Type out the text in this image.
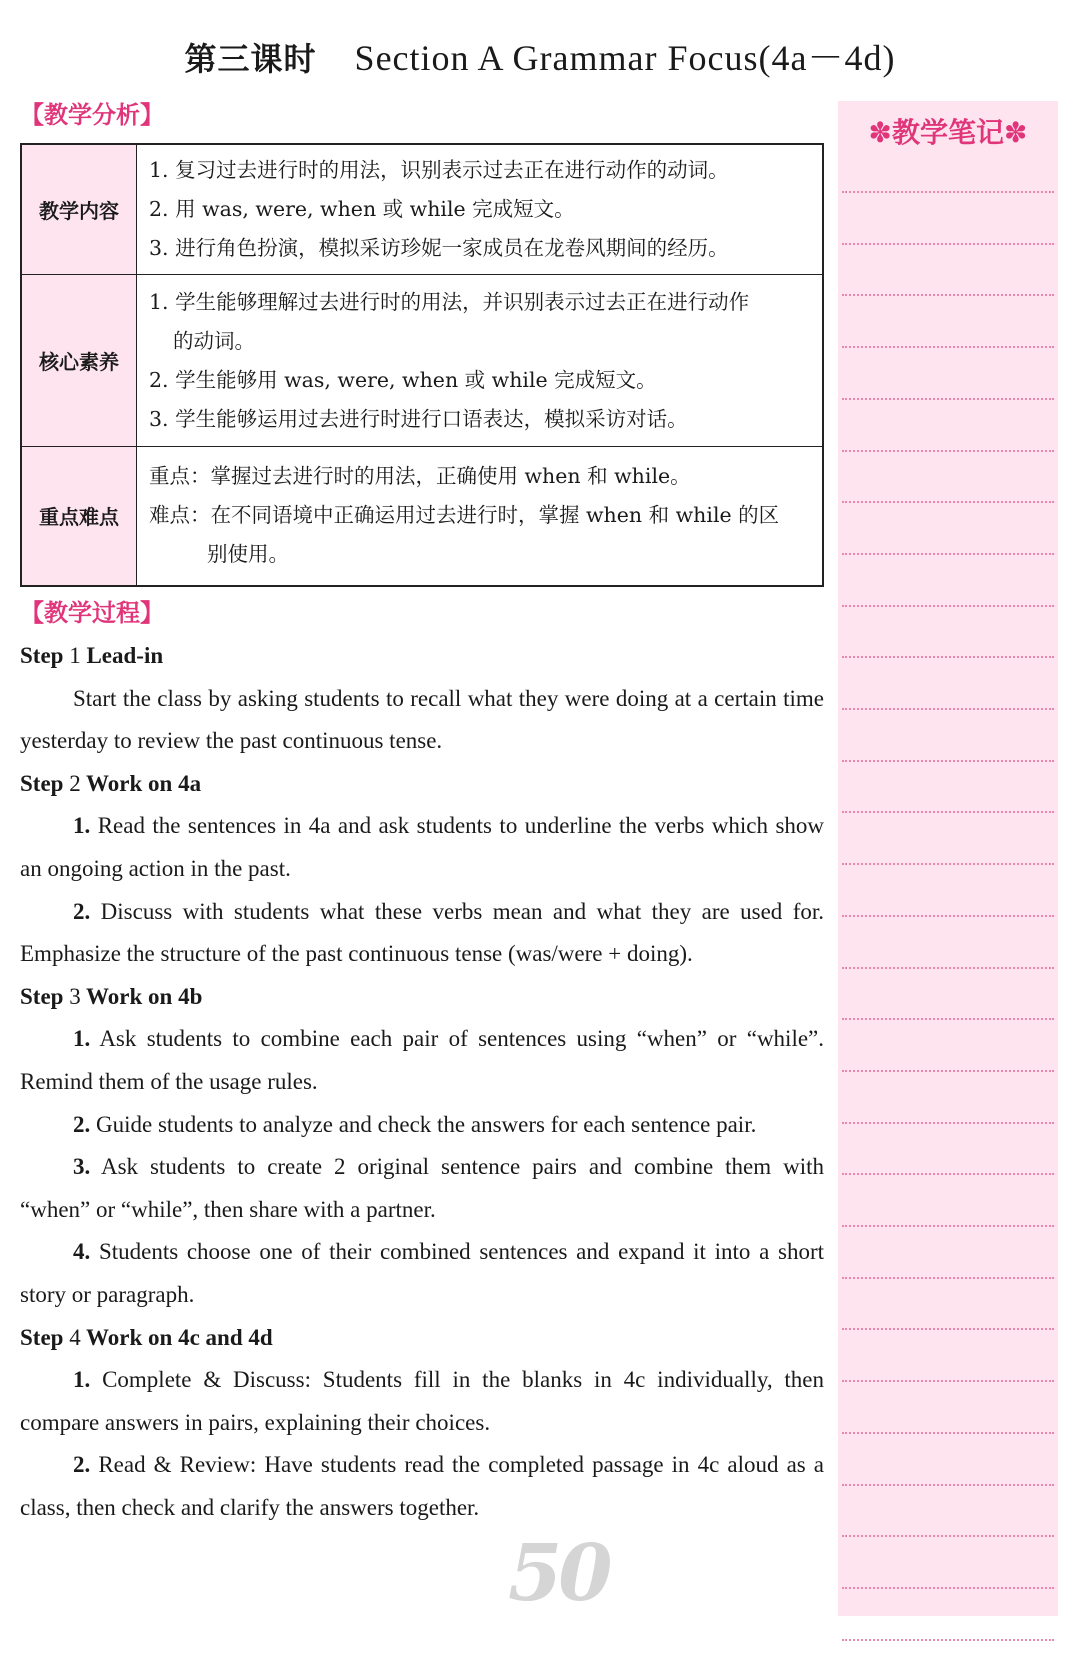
第三课时 Section A Grammar Focus(4a－4d)
【教学分析】
教学内容	1. 复习过去进行时的用法，识别表示过去正在进行动作的动词。
2. 用 was, were, when 或 while 完成短文。
3. 进行角色扮演，模拟采访珍妮一家成员在龙卷风期间的经历。

核心素养	1. 学生能够理解过去进行时的用法，并识别表示过去正在进行动作
的动词。
2. 学生能够用 was, were, when 或 while 完成短文。
3. 学生能够运用过去进行时进行口语表达，模拟采访对话。

重点难点	重点：掌握过去进行时的用法，正确使用 when 和 while。
难点：在不同语境中正确运用过去进行时，掌握 when 和 while 的区
别使用。
【教学过程】

Step 1 Lead-in

Start the class by asking students to recall what they were doing at a certain time yesterday to review the past continuous tense.

Step 2 Work on 4a

1. Read the sentences in 4a and ask students to underline the verbs which show an ongoing action in the past.

2. Discuss with students what these verbs mean and what they are used for. Emphasize the structure of the past continuous tense (was/were + doing).

Step 3 Work on 4b

1. Ask students to combine each pair of sentences using “when” or “while”. Remind them of the usage rules.

2. Guide students to analyze and check the answers for each sentence pair.

3. Ask students to create 2 original sentence pairs and combine them with “when” or “while”, then share with a partner.

4. Students choose one of their combined sentences and expand it into a short story or paragraph.

Step 4 Work on 4c and 4d

1. Complete & Discuss: Students fill in the blanks in 4c individually, then compare answers in pairs, explaining their choices.

2. Read & Review: Have students read the completed passage in 4c aloud as a class, then check and clarify the answers together.

✽教学笔记✽
50
